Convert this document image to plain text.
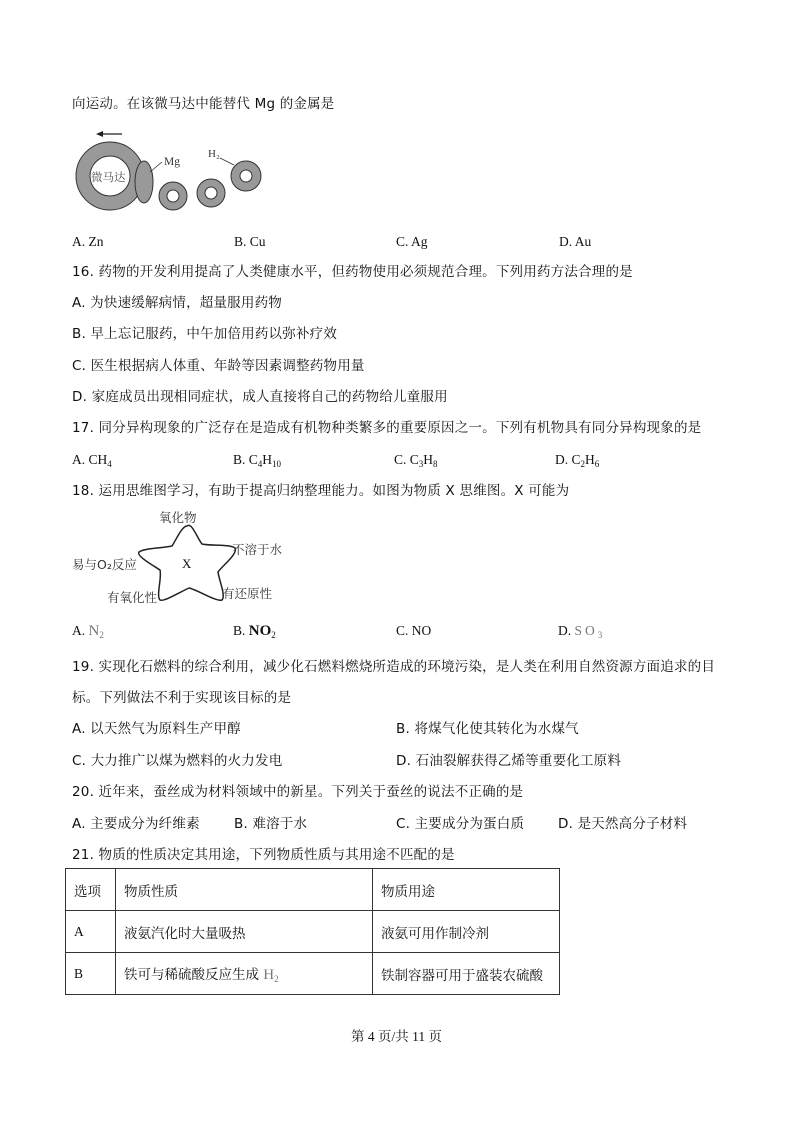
向运动。在该微马达中能替代 Mg 的金属是
微马达
Mg
H₂
A. Zn	B. Cu	C. Ag	D. Au
16. 药物的开发利用提高了人类健康水平，但药物使用必须规范合理。下列用药方法合理的是
A. 为快速缓解病情，超量服用药物
B. 早上忘记服药，中午加倍用药以弥补疗效
C. 医生根据病人体重、年龄等因素调整药物用量
D. 家庭成员出现相同症状，成人直接将自己的药物给儿童服用
17. 同分异构现象的广泛存在是造成有机物种类繁多的重要原因之一。下列有机物具有同分异构现象的是
A. $CH_4$	B. $C_4H_{10}$	C. $C_3H_8$	D. $C_2H_6$
18. 运用思维图学习，有助于提高归纳整理能力。如图为物质 X 思维图。X 可能为
X
氧化物
不溶于水
易与O₂反应
有氧化性	有还原性
A. $N_2$	B. $NO_2$	C. NO	D. $SO_3$
19. 实现化石燃料的综合利用，减少化石燃料燃烧所造成的环境污染，是人类在利用自然资源方面追求的目
标。下列做法不利于实现该目标的是
A. 以天然气为原料生产甲醇	B. 将煤气化使其转化为水煤气
C. 大力推广以煤为燃料的火力发电	D. 石油裂解获得乙烯等重要化工原料
20. 近年来，蚕丝成为材料领域中的新星。下列关于蚕丝的说法不正确的是
A. 主要成分为纤维素	B. 难溶于水	C. 主要成分为蛋白质	D. 是天然高分子材料
21. 物质的性质决定其用途，下列物质性质与其用途不匹配的是
选项	物质性质	物质用途
A	液氨汽化时大量吸热	液氨可用作制冷剂
B	铁可与稀硫酸反应生成 $H_2$	铁制容器可用于盛装农硫酸
第 4 页/共 11 页
